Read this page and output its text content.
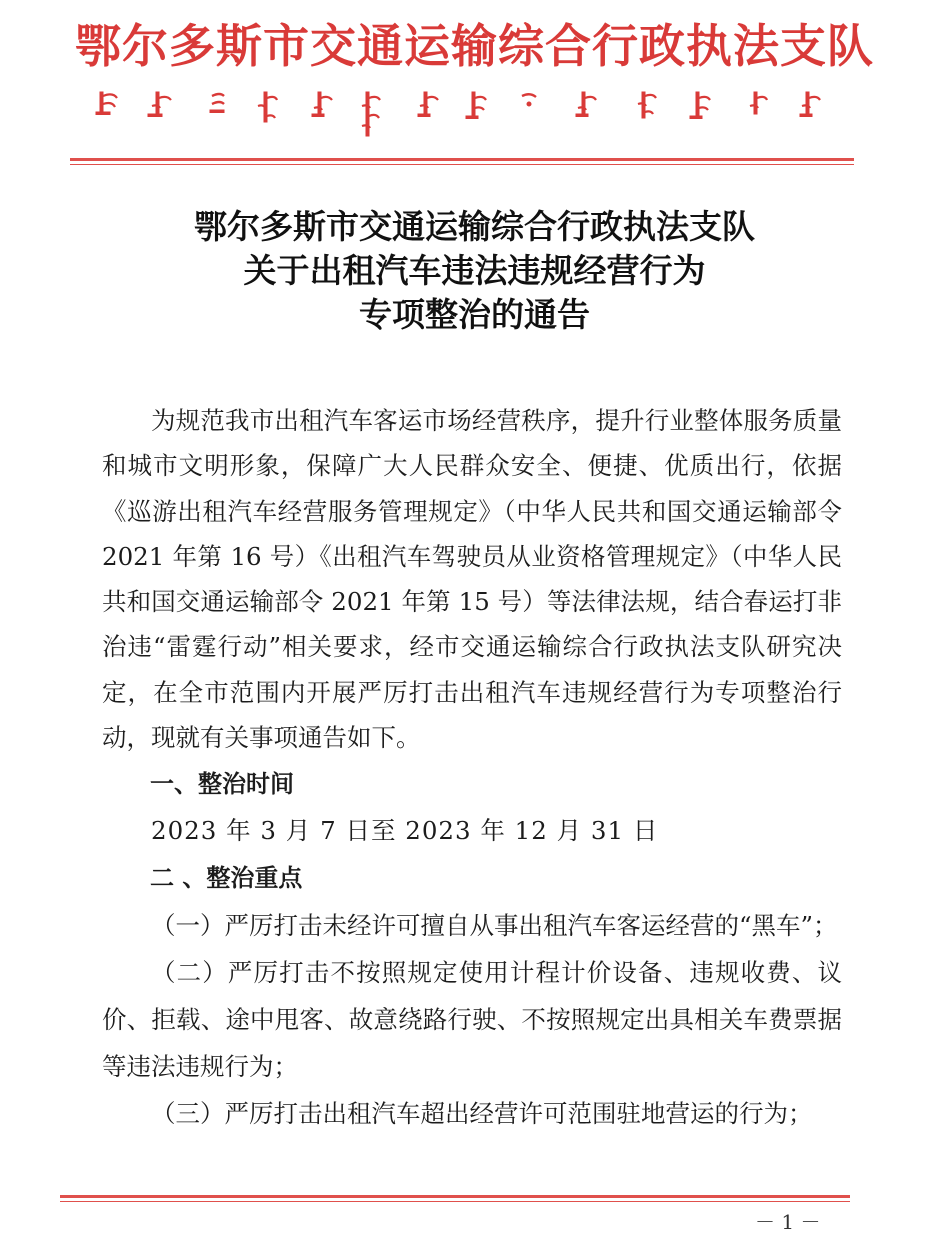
鄂尔多斯市交通运输综合行政执法支队
鄂尔多斯市交通运输综合行政执法支队
关于出租汽车违法违规经营行为
专项整治的通告

为规范我市出租汽车客运市场经营秩序，提升行业整体服务质量和城市文明形象，保障广大人民群众安全、便捷、优质出行，依据《巡游出租汽车经营服务管理规定》（中华人民共和国交通运输部令 2021 年第 16 号）《出租汽车驾驶员从业资格管理规定》（中华人民共和国交通运输部令 2021 年第 15 号）等法律法规，结合春运打非治违“雷霆行动”相关要求，经市交通运输综合行政执法支队研究决定，在全市范围内开展严厉打击出租汽车违规经营行为专项整治行动，现就有关事项通告如下。

一、整治时间

2023 年 3 月 7 日至 2023 年 12 月 31 日

二 、整治重点

（一）严厉打击未经许可擅自从事出租汽车客运经营的“黑车”；

（二）严厉打击不按照规定使用计程计价设备、违规收费、议价、拒载、途中甩客、故意绕路行驶、不按照规定出具相关车费票据等违法违规行为；

（三）严厉打击出租汽车超出经营许可范围驻地营运的行为；

－ 1 －
